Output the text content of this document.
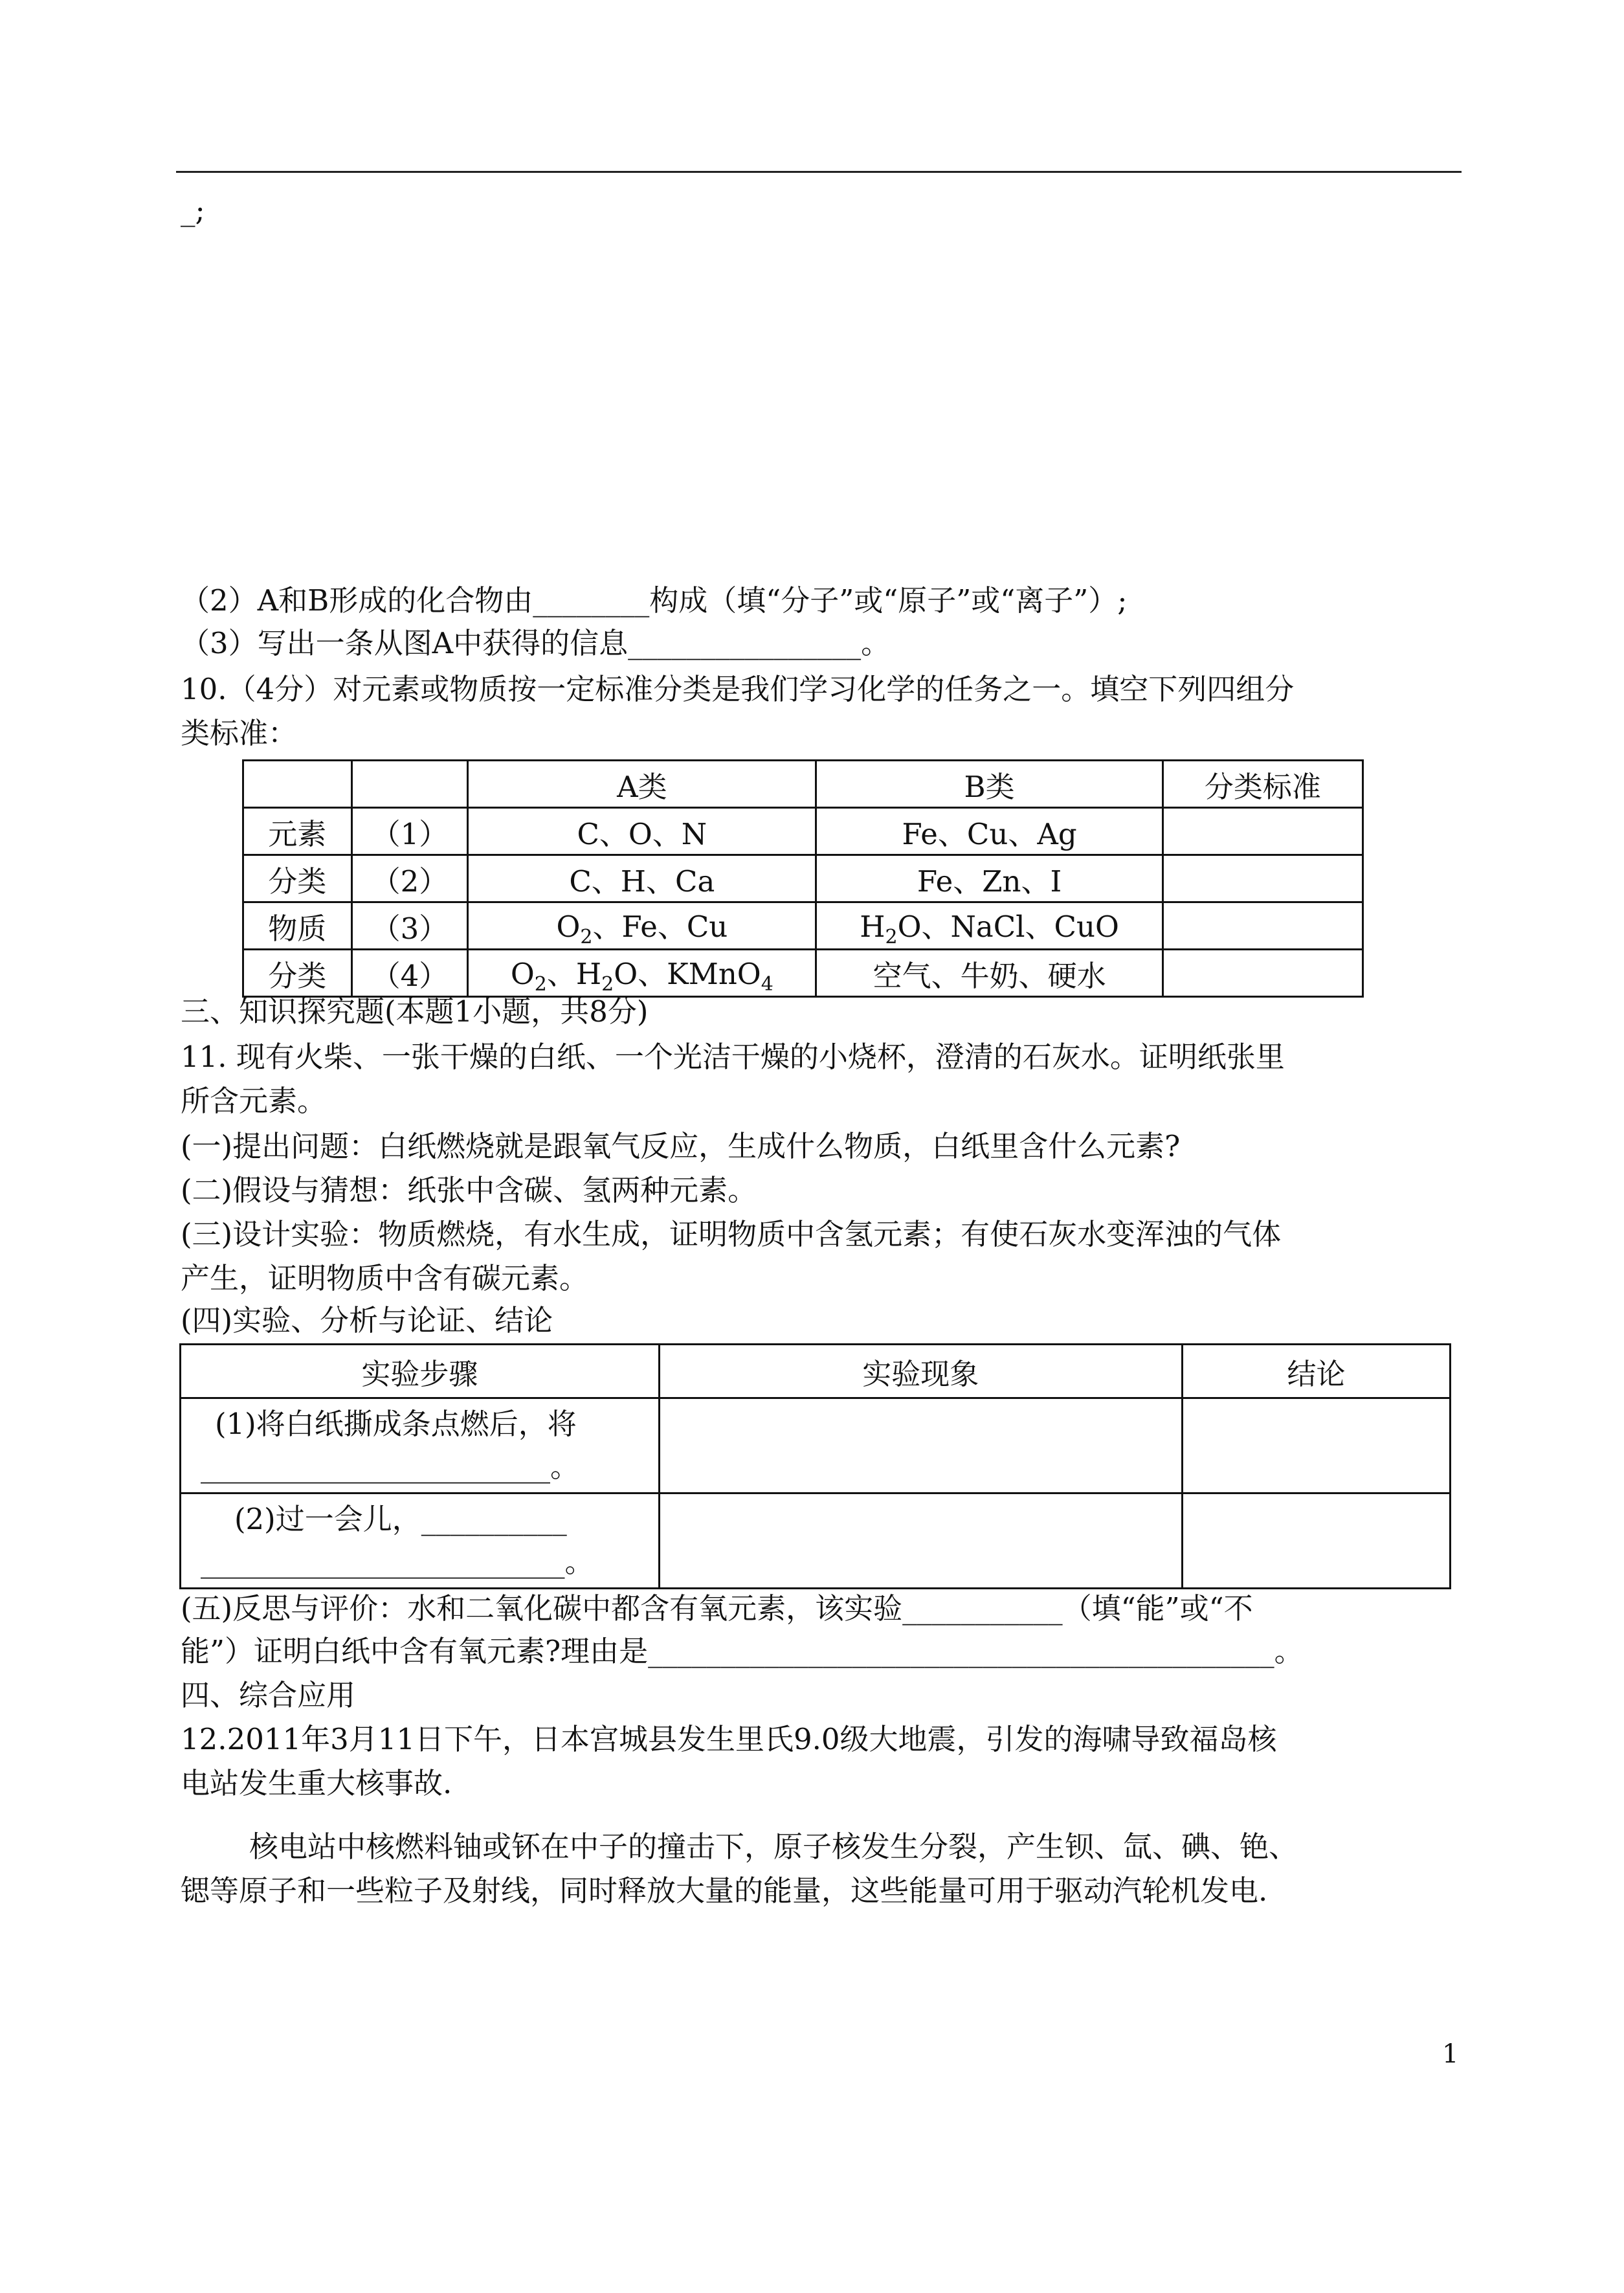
_;
（2）A和B形成的化合物由________构成（填“分子”或“原子”或“离子”）;
（3）写出一条从图A中获得的信息________________。
10.（4分）对元素或物质按一定标准分类是我们学习化学的任务之一。填空下列四组分
类标准：
		A类	B类	分类标准
元素	（1）	C、O、N	Fe、Cu、Ag	
分类	（2）	C、H、Ca	Fe、Zn、I	
物质	（3）	$O_2$、Fe、Cu	$H_2O$、NaCl、CuO	
分类	（4）	$O_2$、$H_2O$、KMnO$_4$	空气、牛奶、硬水	
三、知识探究题(本题1小题，共8分)
11. 现有火柴、一张干燥的白纸、一个光洁干燥的小烧杯，澄清的石灰水。证明纸张里
所含元素。
(一)提出问题：白纸燃烧就是跟氧气反应，生成什么物质，白纸里含什么元素?
(二)假设与猜想：纸张中含碳、氢两种元素。
(三)设计实验：物质燃烧，有水生成，证明物质中含氢元素；有使石灰水变浑浊的气体
产生，证明物质中含有碳元素。
(四)实验、分析与论证、结论
实验步骤	实验现象	结论

(1)将白纸撕成条点燃后，将
________________________。		

(2)过一会儿，__________
_________________________。		

(五)反思与评价：水和二氧化碳中都含有氧元素，该实验___________（填“能”或“不
能”）证明白纸中含有氧元素?理由是___________________________________________。
四、综合应用
12.2011年3月11日下午，日本宫城县发生里氏9.0级大地震，引发的海啸导致福岛核
电站发生重大核事故.
核电站中核燃料铀或钚在中子的撞击下，原子核发生分裂，产生钡、氙、碘、铯、
锶等原子和一些粒子及射线，同时释放大量的能量，这些能量可用于驱动汽轮机发电.
1
